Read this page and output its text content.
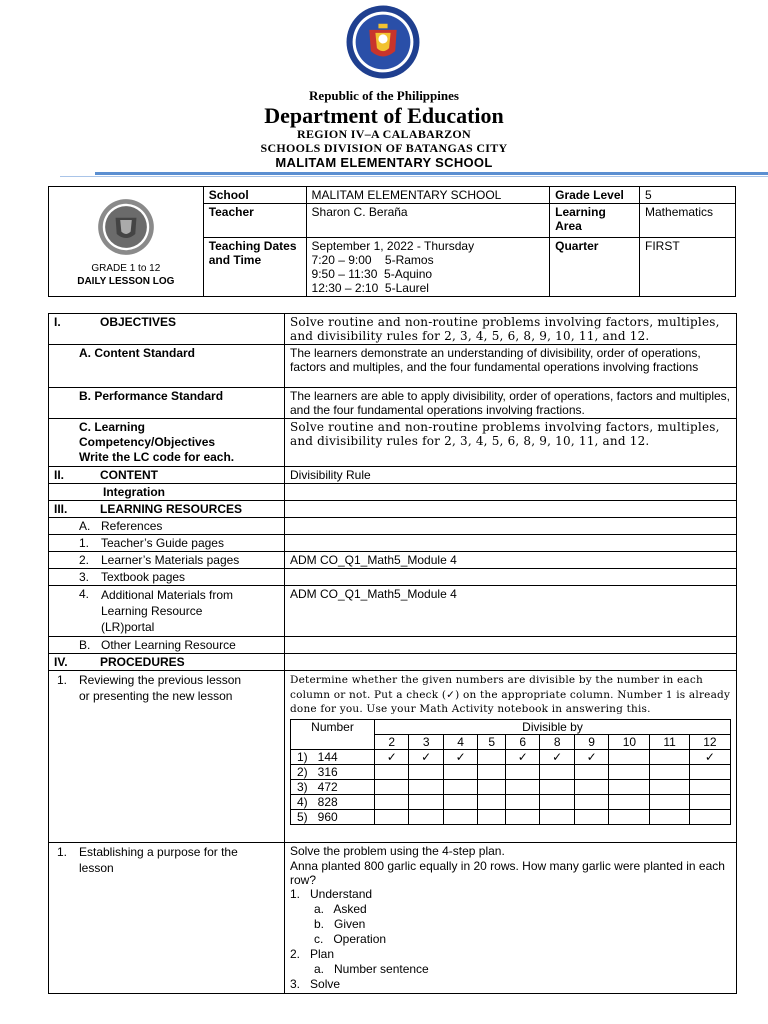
Republic of the Philippines
Department of Education
REGION IV–A CALABARZON
SCHOOLS DIVISION OF BATANGAS CITY
MALITAM ELEMENTARY SCHOOL
GRADE 1 to 12
DAILY LESSON LOG	School	MALITAM ELEMENTARY SCHOOL	Grade Level	5
	Teacher	Sharon C. Beraña	Learning Area	Mathematics
	Teaching Dates and Time	September 1, 2022 - Thursday
7:20 – 9:00    5-Ramos
9:50 – 11:30  5-Aquino
12:30 – 2:10  5-Laurel	Quarter	FIRST
I.	OBJECTIVES	Solve routine and non-routine problems involving factors, multiples, and divisibility rules for 2, 3, 4, 5, 6, 8, 9, 10, 11, and 12.
A. Content Standard	The learners demonstrate an understanding of divisibility, order of operations, factors and multiples, and the four fundamental operations involving fractions
B. Performance Standard	The learners are able to apply divisibility, order of operations, factors and multiples, and the four fundamental operations involving fractions.

C. Learning
Competency/Objectives
Write the LC code for each.
	Solve routine and non-routine problems involving factors, multiples, and divisibility rules for 2, 3, 4, 5, 6, 8, 9, 10, 11, and 12.
II.	CONTENT	Divisibility Rule
Integration	
III.	LEARNING RESOURCES	
A. References	
1. Teacher’s Guide pages	
2. Learner’s Materials pages	ADM CO_Q1_Math5_Module 4
3. Textbook pages	
4. Additional Materials from
Learning Resource
(LR)portal
	ADM CO_Q1_Math5_Module 4
B. Other Learning Resource	
IV.	PROCEDURES	
1. Reviewing the previous lesson
or presenting the new lesson

Determine whether the given numbers are divisible by the number in each column or not. Put a check (✓) on the appropriate column. Number 1 is already done for you. Use your Math Activity notebook in answering this.
Number	Divisible by
2	3	4	5	6	8	9	10	11	12
1)   144	✓	✓	✓		✓	✓	✓			✓
2)   316										
3)   472										
4)   828										
5)   960										

1. Establishing a purpose for the
lesson

Solve the problem using the 4-step plan.
Anna planted 800 garlic equally in 20 rows. How many garlic were planted in each row?
1.   Understand
a.   Asked
b.   Given
c.   Operation
2.   Plan
a.   Number sentence
3.   Solve
